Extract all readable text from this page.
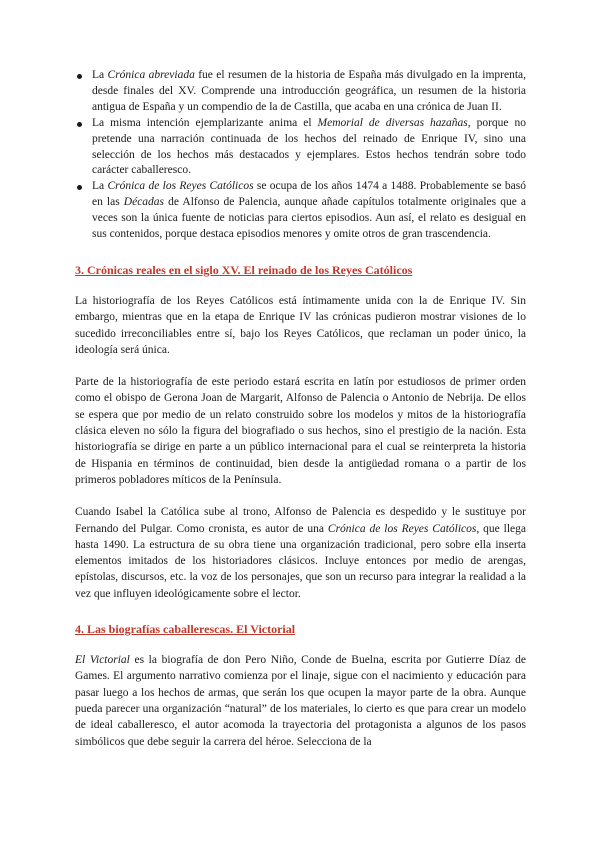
La Crónica abreviada fue el resumen de la historia de España más divulgado en la imprenta, desde finales del XV. Comprende una introducción geográfica, un resumen de la historia antigua de España y un compendio de la de Castilla, que acaba en una crónica de Juan II.
La misma intención ejemplarizante anima el Memorial de diversas hazañas, porque no pretende una narración continuada de los hechos del reinado de Enrique IV, sino una selección de los hechos más destacados y ejemplares. Estos hechos tendrán sobre todo carácter caballeresco.
La Crónica de los Reyes Católicos se ocupa de los años 1474 a 1488. Probablemente se basó en las Décadas de Alfonso de Palencia, aunque añade capítulos totalmente originales que a veces son la única fuente de noticias para ciertos episodios. Aun así, el relato es desigual en sus contenidos, porque destaca episodios menores y omite otros de gran trascendencia.
3. Crónicas reales en el siglo XV. El reinado de los Reyes Católicos

La historiografía de los Reyes Católicos está íntimamente unida con la de Enrique IV. Sin embargo, mientras que en la etapa de Enrique IV las crónicas pudieron mostrar visiones de lo sucedido irreconciliables entre sí, bajo los Reyes Católicos, que reclaman un poder único, la ideología será única.

Parte de la historiografía de este periodo estará escrita en latín por estudiosos de primer orden como el obispo de Gerona Joan de Margarit, Alfonso de Palencia o Antonio de Nebrija. De ellos se espera que por medio de un relato construido sobre los modelos y mitos de la historiografía clásica eleven no sólo la figura del biografiado o sus hechos, sino el prestigio de la nación. Esta historiografía se dirige en parte a un público internacional para el cual se reinterpreta la historia de Hispania en términos de continuidad, bien desde la antigüedad romana o a partir de los primeros pobladores míticos de la Península.

Cuando Isabel la Católica sube al trono, Alfonso de Palencia es despedido y le sustituye por Fernando del Pulgar. Como cronista, es autor de una Crónica de los Reyes Católicos, que llega hasta 1490. La estructura de su obra tiene una organización tradicional, pero sobre ella inserta elementos imitados de los historiadores clásicos. Incluye entonces por medio de arengas, epístolas, discursos, etc. la voz de los personajes, que son un recurso para integrar la realidad a la vez que influyen ideológicamente sobre el lector.

4. Las biografías caballerescas. El Victorial

El Victorial es la biografía de don Pero Niño, Conde de Buelna, escrita por Gutierre Díaz de Games. El argumento narrativo comienza por el linaje, sigue con el nacimiento y educación para pasar luego a los hechos de armas, que serán los que ocupen la mayor parte de la obra. Aunque pueda parecer una organización “natural” de los materiales, lo cierto es que para crear un modelo de ideal caballeresco, el autor acomoda la trayectoria del protagonista a algunos de los pasos simbólicos que debe seguir la carrera del héroe. Selecciona de la
